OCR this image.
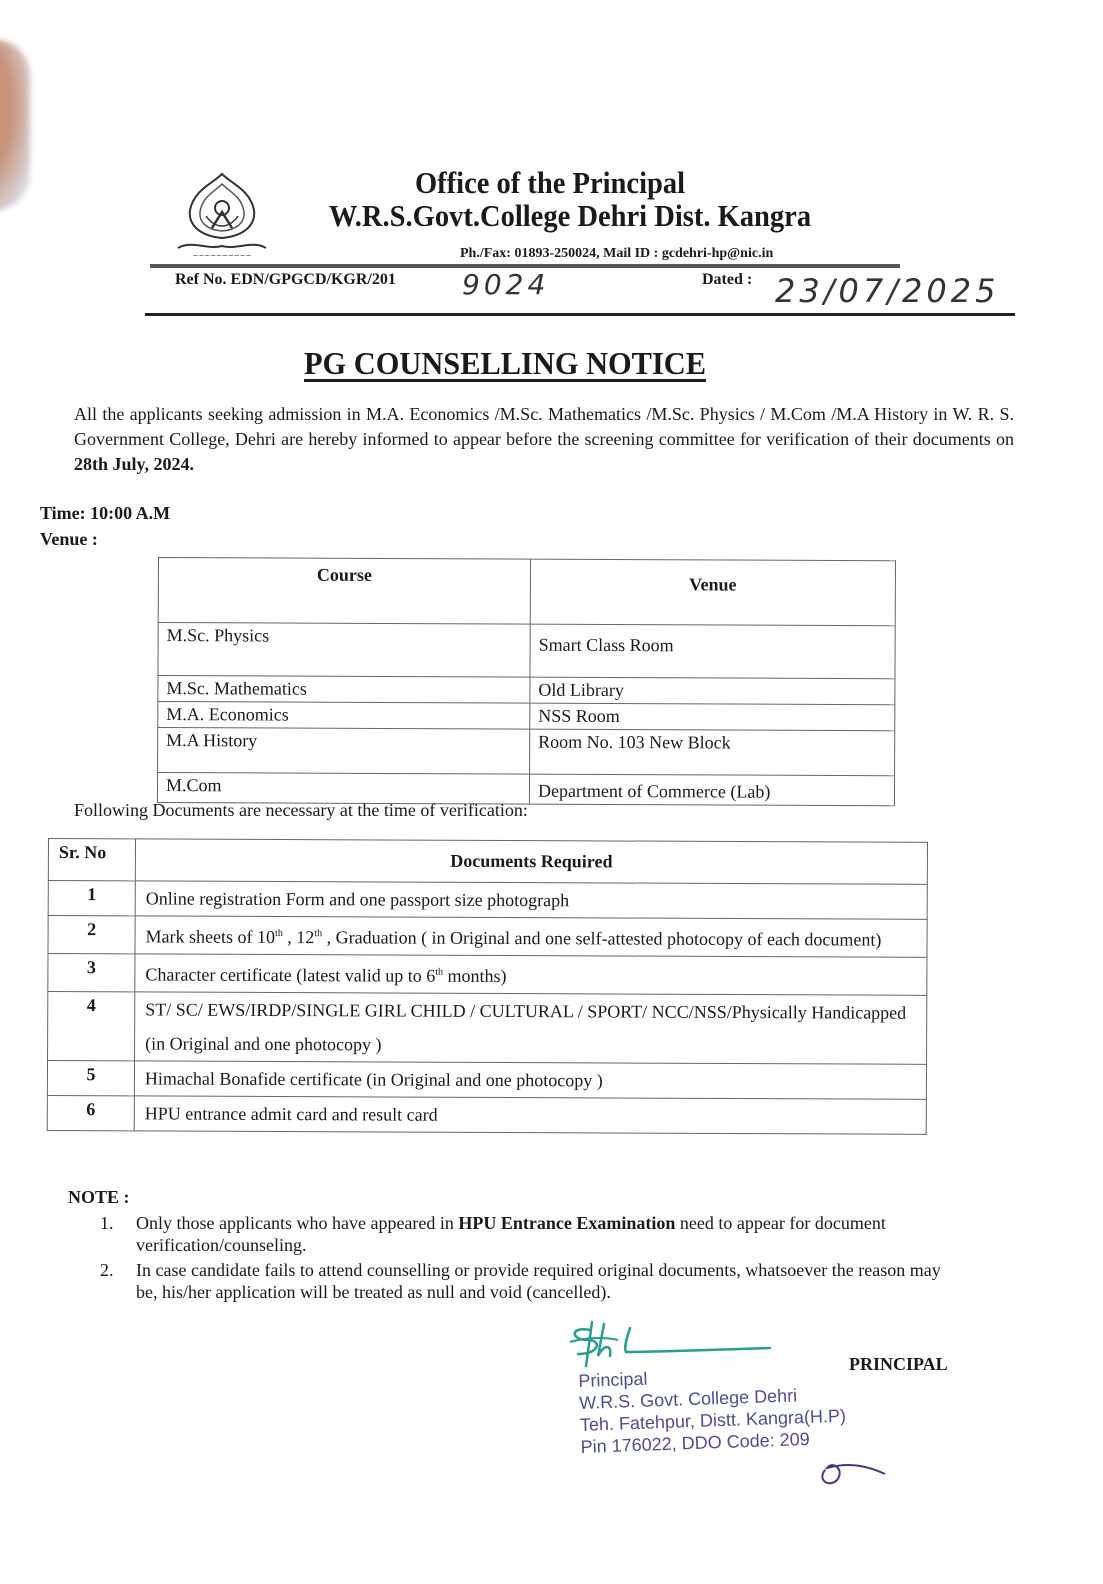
~~~~~~~~~~
Office of the Principal
W.R.S.Govt.College Dehri Dist. Kangra
Ph./Fax: 01893-250024, Mail ID : gcdehri-hp@nic.in
Ref No. EDN/GPGCD/KGR/201 9024	Dated : 23/07/2025
PG COUNSELLING NOTICE
All the applicants seeking admission in M.A. Economics /M.Sc. Mathematics /M.Sc. Physics / M.Com /M.A History in W. R. S. Government College, Dehri are hereby informed to appear before the screening committee for verification of their documents on 28th July, 2024.
Time: 10:00 A.M
Venue :
Course	Venue
M.Sc. Physics	Smart Class Room
M.Sc. Mathematics	Old Library
M.A. Economics	NSS Room
M.A History	Room No. 103 New Block
M.Com	Department of Commerce (Lab)
Following Documents are necessary at the time of verification:
Sr. No	Documents Required
1	Online registration Form and one passport size photograph
2	Mark sheets of 10th , 12th , Graduation ( in Original and one self-attested photocopy of each document)
3	Character certificate (latest valid up to 6th months)
4	ST/ SC/ EWS/IRDP/SINGLE GIRL CHILD / CULTURAL / SPORT/ NCC/NSS/Physically Handicapped (in Original and one photocopy )
5	Himachal Bonafide certificate (in Original and one photocopy )
6	HPU entrance admit card and result card
NOTE :
1.	Only those applicants who have appeared in HPU Entrance Examination need to appear for document verification/counseling.
2.	In case candidate fails to attend counselling or provide required original documents, whatsoever the reason may be, his/her application will be treated as null and void (cancelled).
PRINCIPAL
Principal
W.R.S. Govt. College Dehri
Teh. Fatehpur, Distt. Kangra(H.P)
Pin 176022, DDO Code: 209
